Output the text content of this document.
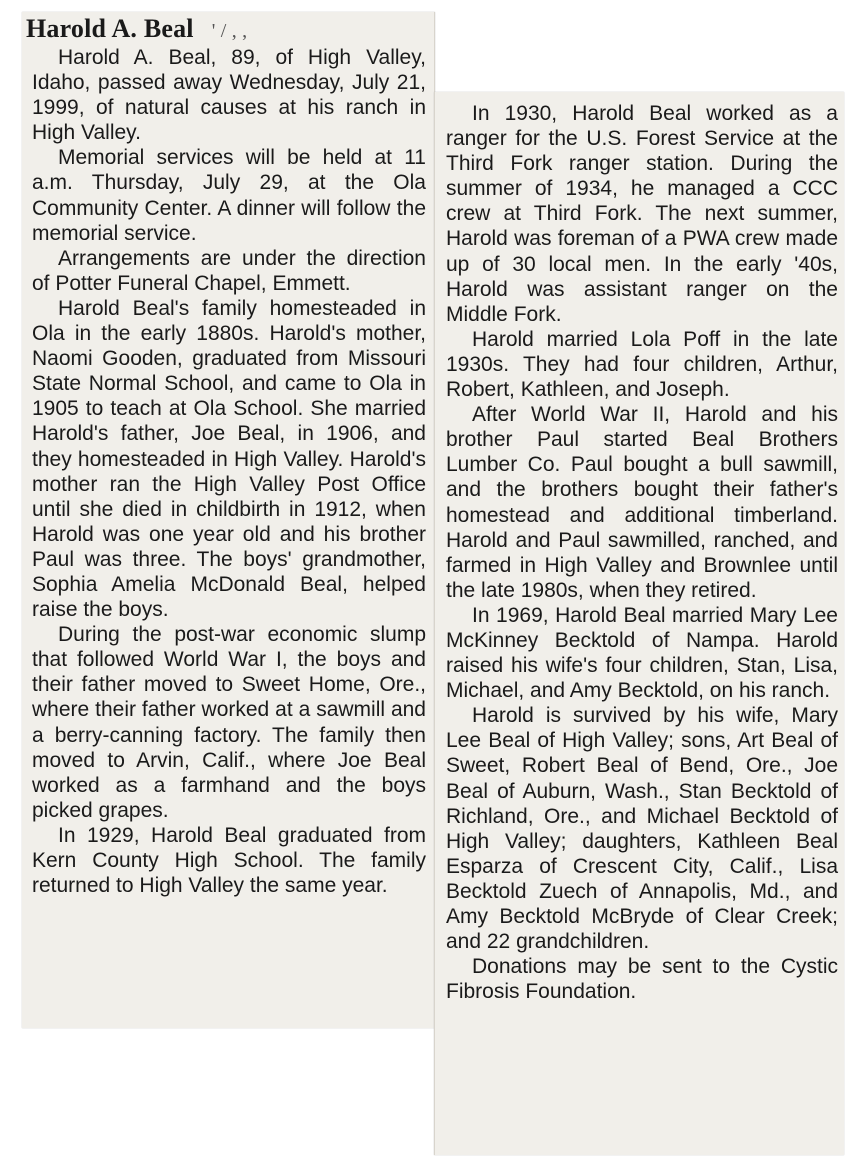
Harold A. Beal ' / , ,

Harold A. Beal, 89, of High Valley, Idaho, passed away Wednesday, July 21, 1999, of natural causes at his ranch in High Valley.

Memorial services will be held at 11 a.m. Thursday, July 29, at the Ola Community Center. A dinner will follow the memorial service.

Arrangements are under the direction of Potter Funeral Chapel, Emmett.

Harold Beal's family homesteaded in Ola in the early 1880s. Harold's mother, Naomi Gooden, graduated from Missouri State Normal School, and came to Ola in 1905 to teach at Ola School. She married Harold's father, Joe Beal, in 1906, and they homesteaded in High Valley. Harold's mother ran the High Valley Post Office until she died in childbirth in 1912, when Harold was one year old and his brother Paul was three. The boys' grandmother, Sophia Amelia McDonald Beal, helped raise the boys.

During the post-war economic slump that followed World War I, the boys and their father moved to Sweet Home, Ore., where their father worked at a sawmill and a berry-canning factory. The family then moved to Arvin, Calif., where Joe Beal worked as a farmhand and the boys picked grapes.

In 1929, Harold Beal graduated from Kern County High School. The family returned to High Valley the same year.

In 1930, Harold Beal worked as a ranger for the U.S. Forest Service at the Third Fork ranger station. During the summer of 1934, he managed a CCC crew at Third Fork. The next summer, Harold was foreman of a PWA crew made up of 30 local men. In the early '40s, Harold was assistant ranger on the Middle Fork.

Harold married Lola Poff in the late 1930s. They had four children, Arthur, Robert, Kathleen, and Joseph.

After World War II, Harold and his brother Paul started Beal Brothers Lumber Co. Paul bought a bull sawmill, and the brothers bought their father's homestead and additional timberland. Harold and Paul sawmilled, ranched, and farmed in High Valley and Brownlee until the late 1980s, when they retired.

In 1969, Harold Beal married Mary Lee McKinney Becktold of Nampa. Harold raised his wife's four children, Stan, Lisa, Michael, and Amy Becktold, on his ranch.

Harold is survived by his wife, Mary Lee Beal of High Valley; sons, Art Beal of Sweet, Robert Beal of Bend, Ore., Joe Beal of Auburn, Wash., Stan Becktold of Richland, Ore., and Michael Becktold of High Valley; daughters, Kathleen Beal Esparza of Crescent City, Calif., Lisa Becktold Zuech of Annapolis, Md., and Amy Becktold McBryde of Clear Creek; and 22 grandchildren.

Donations may be sent to the Cystic Fibrosis Foundation.
